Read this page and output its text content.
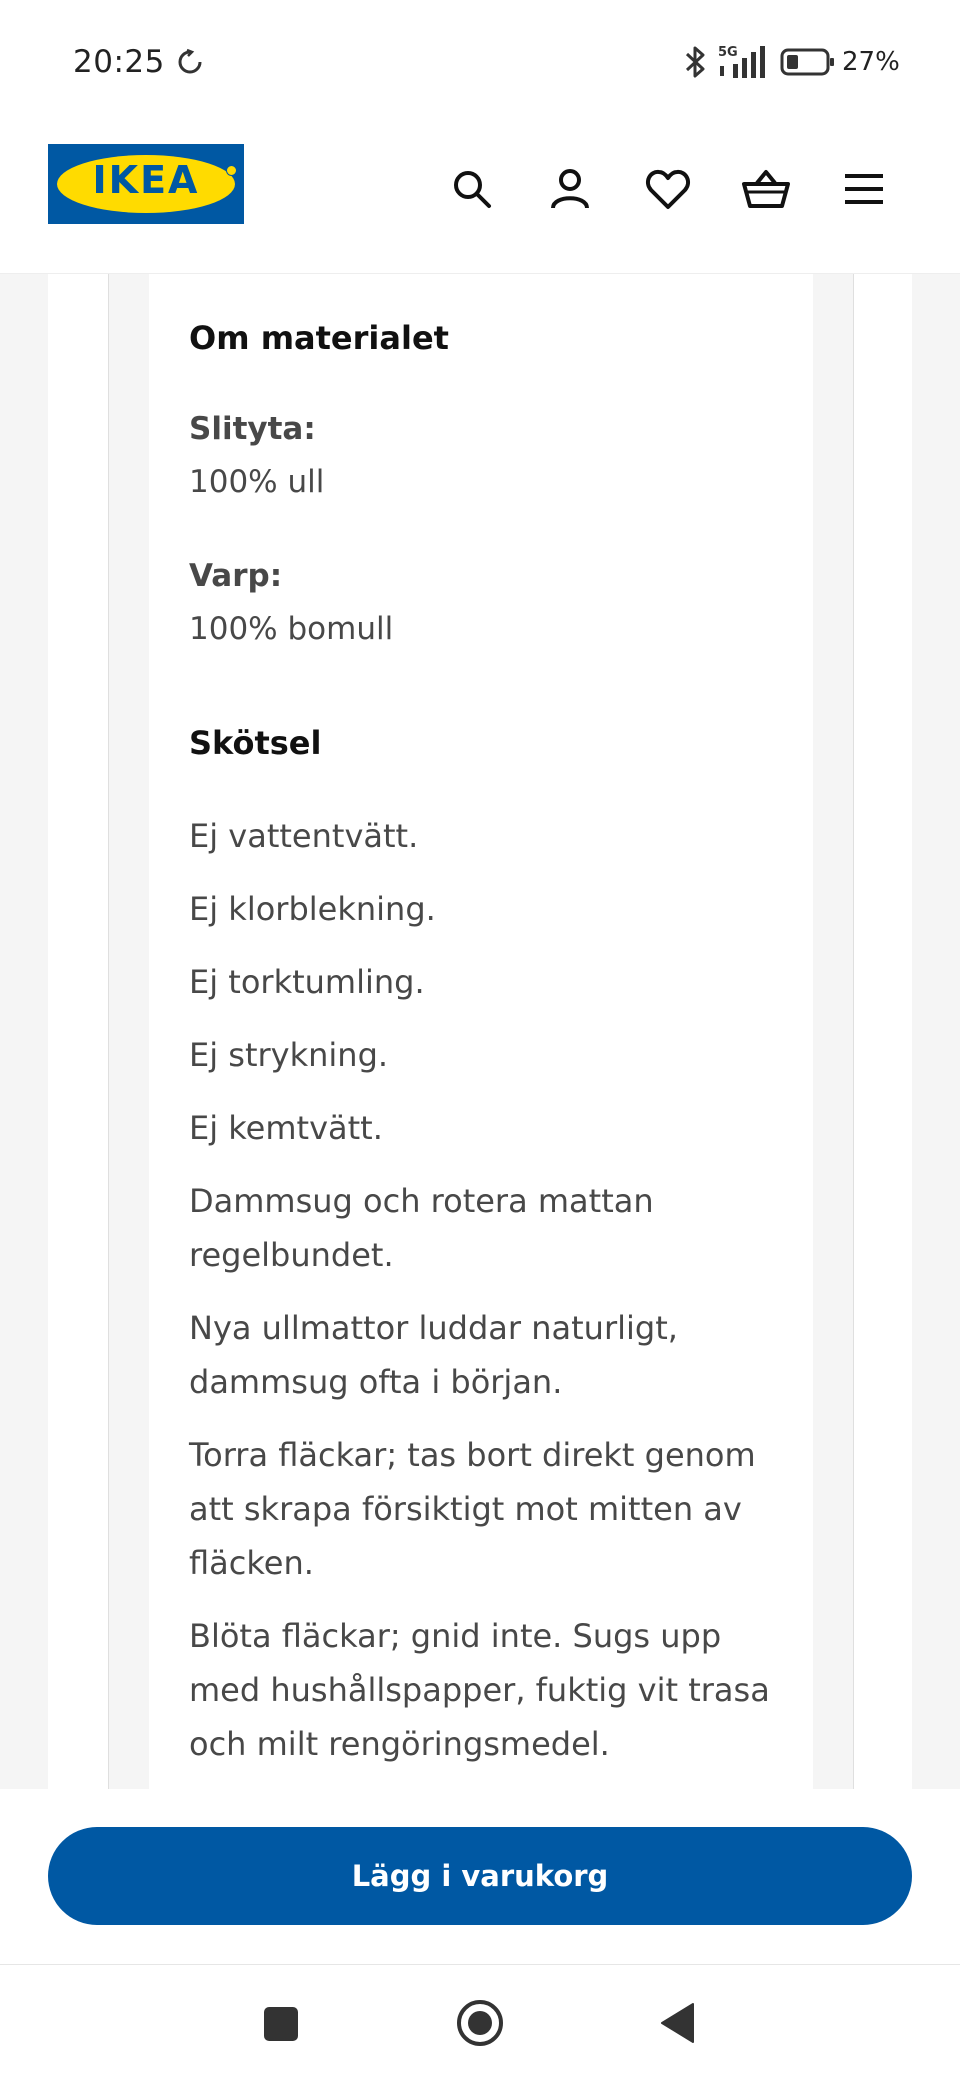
20:25	5G	27%
IKEA
Om materialet
Slityta:
100% ull
Varp:
100% bomull
Skötsel
Ej vattentvätt.
Ej klorblekning.
Ej torktumling.
Ej strykning.
Ej kemtvätt.
Dammsug och rotera mattan regelbundet.
Nya ullmattor luddar naturligt, dammsug ofta i början.
Torra fläckar; tas bort direkt genom att skrapa försiktigt mot mitten av fläcken.
Blöta fläckar; gnid inte. Sugs upp med hushållspapper, fuktig vit trasa och milt rengöringsmedel.
Lägg i varukorg
